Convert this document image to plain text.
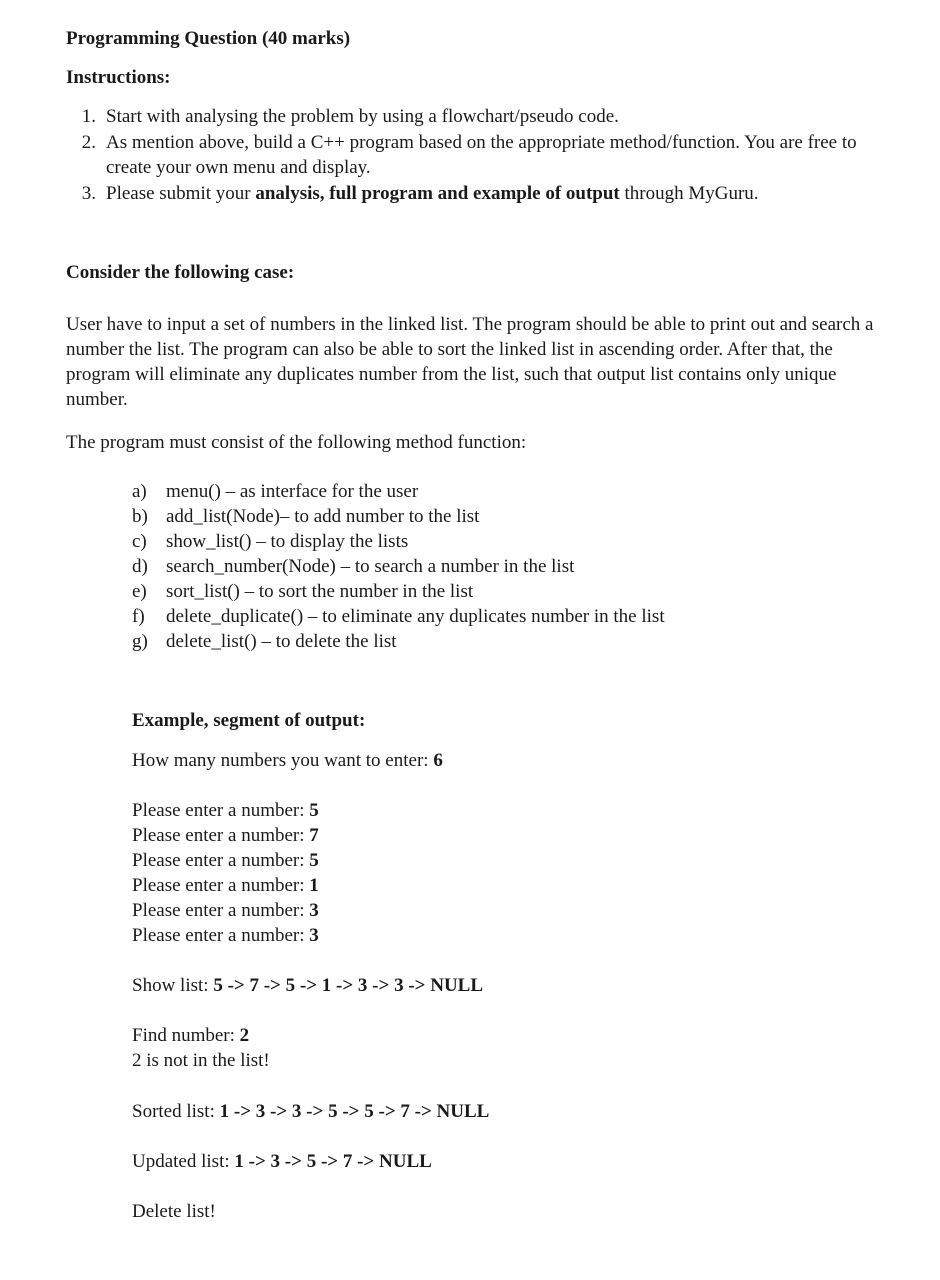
Programming Question (40 marks)
Instructions:
1. Start with analysing the problem by using a flowchart/pseudo code.
2. As mention above, build a C++ program based on the appropriate method/function. You are free to create your own menu and display.
3. Please submit your analysis, full program and example of output through MyGuru.
Consider the following case:
User have to input a set of numbers in the linked list. The program should be able to print out and search a number the list. The program can also be able to sort the linked list in ascending order. After that, the program will eliminate any duplicates number from the list, such that output list contains only unique number.
The program must consist of the following method function:
a) menu() – as interface for the user
b) add_list(Node)– to add number to the list
c) show_list() – to display the lists
d) search_number(Node) – to search a number in the list
e) sort_list() – to sort the number in the list
f) delete_duplicate() – to eliminate any duplicates number in the list
g) delete_list() – to delete the list
Example, segment of output:
How many numbers you want to enter: 6
Please enter a number: 5
Please enter a number: 7
Please enter a number: 5
Please enter a number: 1
Please enter a number: 3
Please enter a number: 3
Show list: 5 -> 7 -> 5 -> 1 -> 3 -> 3 -> NULL
Find number: 2
2 is not in the list!
Sorted list: 1 -> 3 -> 3 -> 5 -> 5 -> 7 -> NULL
Updated list: 1 -> 3 -> 5 -> 7 -> NULL
Delete list!
